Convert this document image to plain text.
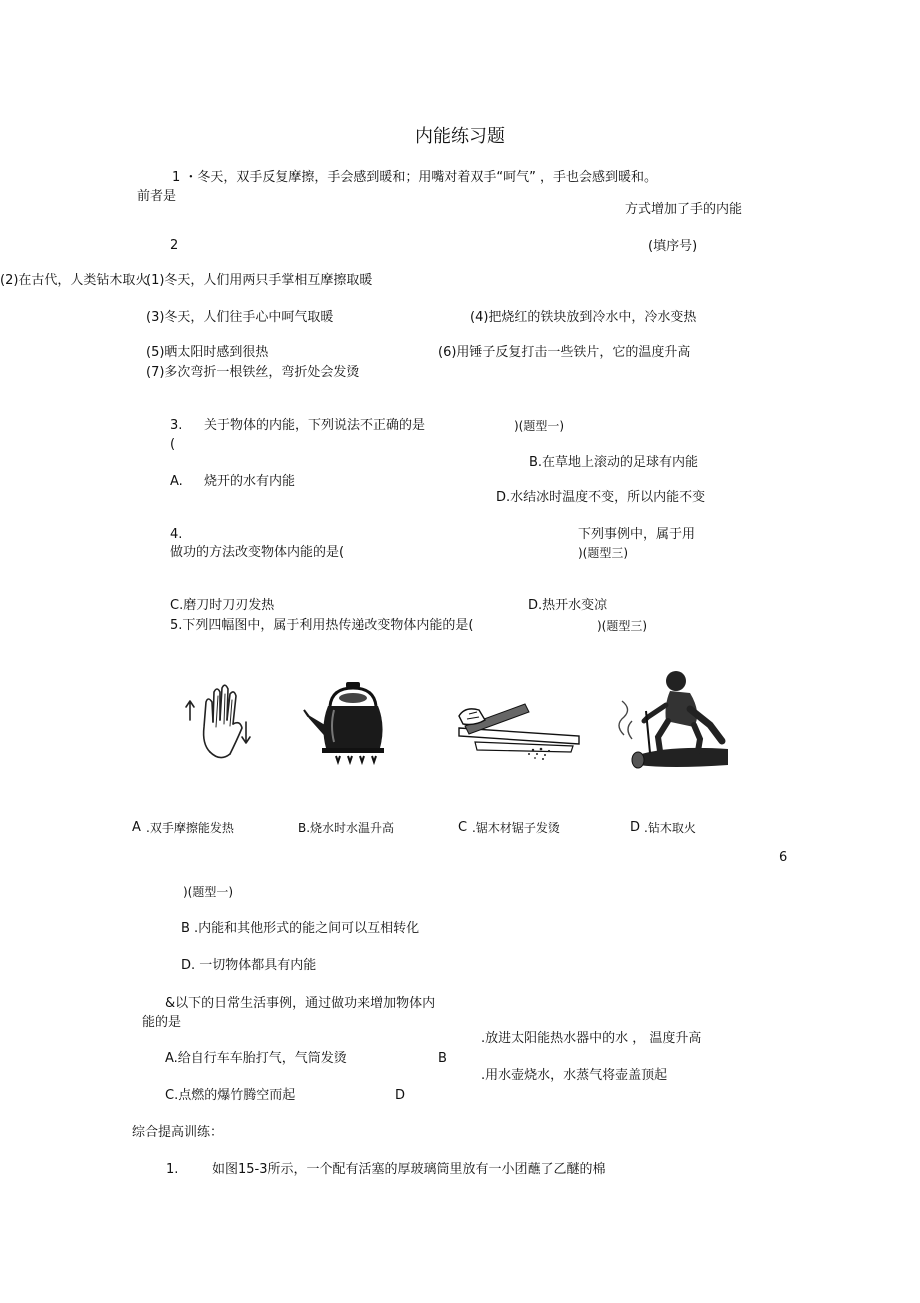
内能练习题
1 ・冬天，双手反复摩擦，手会感到暖和；用嘴对着双手“呵气” ，手也会感到暖和。
前者是
方式增加了手的内能
2	(填序号)
(2)在古代，人类钻木取火
(1)冬天，人们用两只手掌相互摩擦取暖
(3)冬天，人们往手心中呵气取暖	(4)把烧红的铁块放到冷水中，冷水变热
(5)晒太阳时感到很热	(6)用锤子反复打击一些铁片，它的温度升高
(7)多次弯折一根铁丝，弯折处会发烫
3. 关于物体的内能，下列说法不正确的是	)(题型一)
(
B.在草地上滚动的足球有内能
A. 烧开的水有内能
D.水结冰时温度不变，所以内能不变
4.	下列事例中，属于用
做功的方法改变物体内能的是(	)(题型三)
C.磨刀时刀刃发热	D.热开水变凉
5.下列四幅图中，属于利用热传递改变物体内能的是(	)(题型三)
A .双手摩擦能发热	B.烧水时水温升高	C .锯木材锯子发烫	D .钻木取火
6
)(题型一)
B .内能和其他形式的能之间可以互相转化
D. 一切物体都具有内能
&以下的日常生活事例，通过做功来增加物体内
能的是
.放进太阳能热水器中的水 ， 温度升高
A.给自行车车胎打气，气筒发烫	B
.用水壶烧水，水蒸气将壶盖顶起
C.点燃的爆竹腾空而起	D
综合提高训练：
1.	如图15-3所示，一个配有活塞的厚玻璃筒里放有一小团蘸了乙醚的棉
